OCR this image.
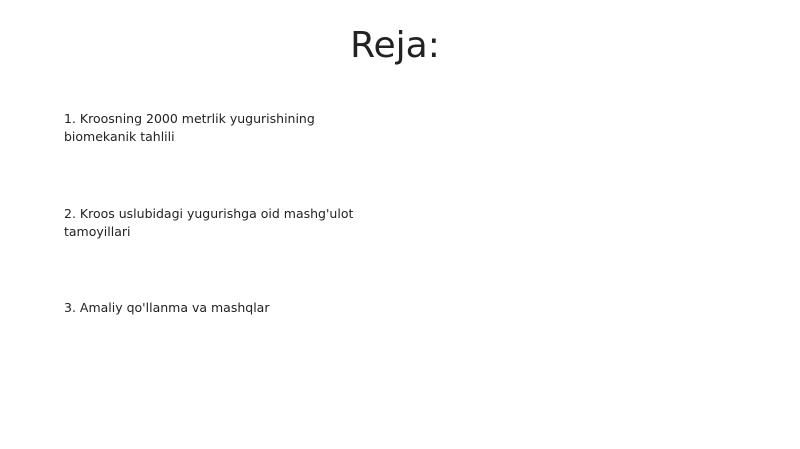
Reja:
1. Kroosning 2000 metrlik yugurishining biomekanik tahlili
2. Kroos uslubidagi yugurishga oid mashg'ulot tamoyillari
3. Amaliy qo'llanma va mashqlar
